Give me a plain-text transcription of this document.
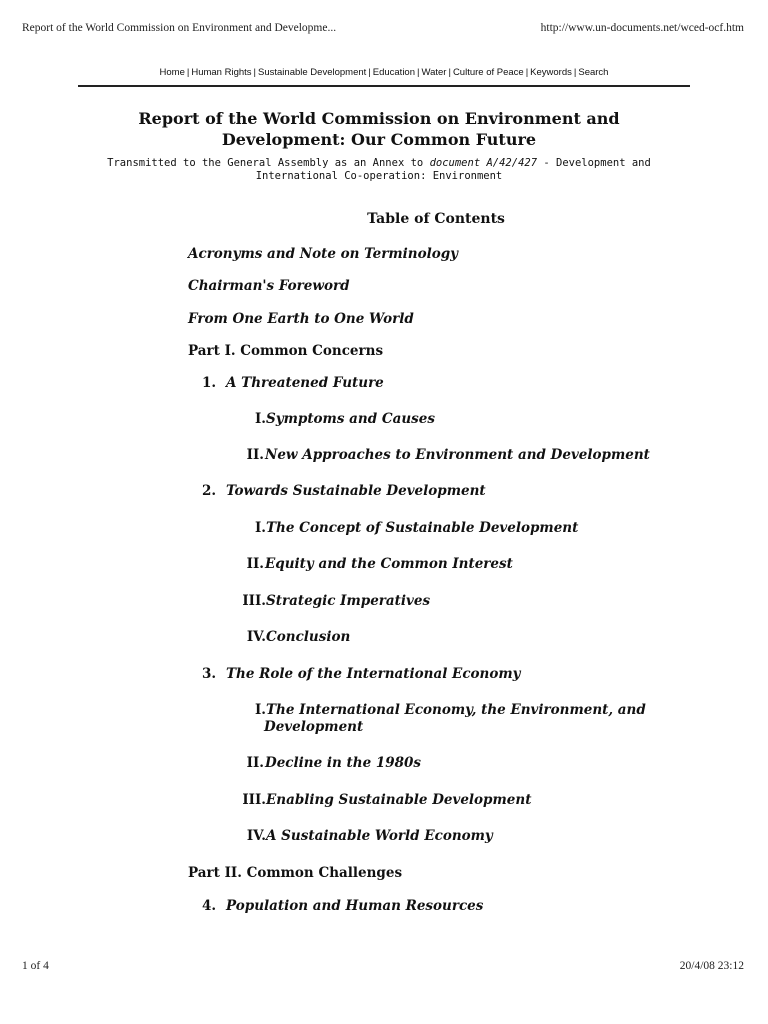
Report of the World Commission on Environment and Developme...	http://www.un-documents.net/wced-ocf.htm
Home | Human Rights | Sustainable Development | Education | Water | Culture of Peace | Keywords | Search
Report of the World Commission on Environment and Development: Our Common Future
Transmitted to the General Assembly as an Annex to document A/42/427 - Development and International Co-operation: Environment
Table of Contents
Acronyms and Note on Terminology
Chairman's Foreword
From One Earth to One World
Part I. Common Concerns
1. A Threatened Future
I.Symptoms and Causes
II.New Approaches to Environment and Development
2. Towards Sustainable Development
I.The Concept of Sustainable Development
II.Equity and the Common Interest
III.Strategic Imperatives
IV.Conclusion
3. The Role of the International Economy
I.The International Economy, the Environment, and
Development
II.Decline in the 1980s
III.Enabling Sustainable Development
IV.A Sustainable World Economy
Part II. Common Challenges
4. Population and Human Resources
1 of 4	20/4/08 23:12
